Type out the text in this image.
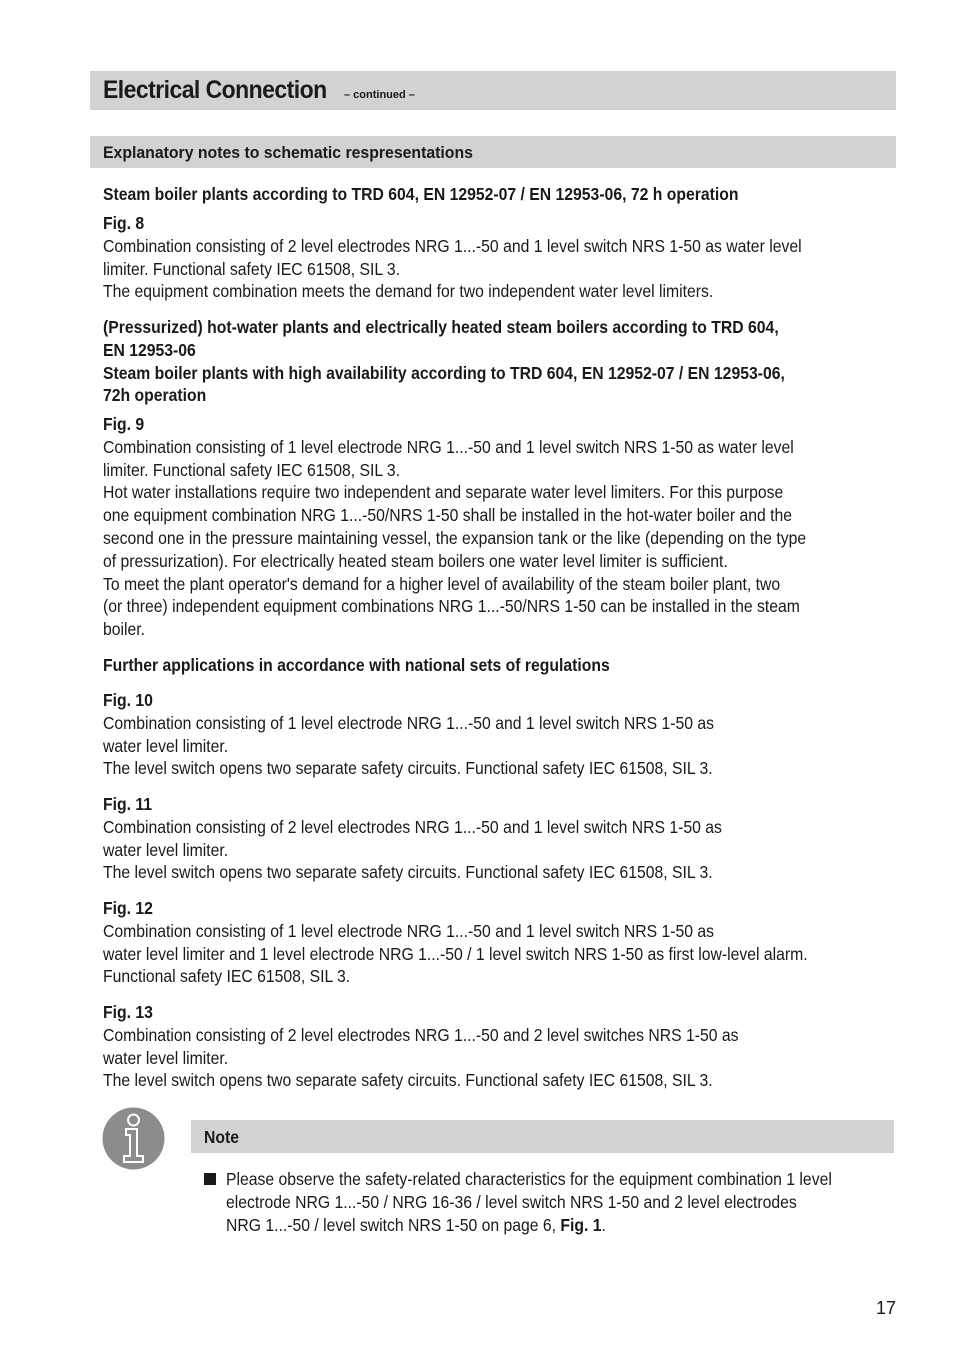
Electrical Connection – continued –
Explanatory notes to schematic respresentations

Steam boiler plants according to TRD 604, EN 12952-07 / EN 12953-06, 72 h operation

Fig. 8

Combination consisting of 2 level electrodes NRG 1...-50 and 1 level switch NRS 1-50 as water level

limiter. Functional safety IEC 61508, SIL 3.

The equipment combination meets the demand for two independent water level limiters.

(Pressurized) hot-water plants and electrically heated steam boilers according to TRD 604,

EN 12953-06

Steam boiler plants with high availability according to TRD 604, EN 12952-07 / EN 12953-06,

72h operation

Fig. 9

Combination consisting of 1 level electrode NRG 1...-50 and 1 level switch NRS 1-50 as water level

limiter. Functional safety IEC 61508, SIL 3.

Hot water installations require two independent and separate water level limiters. For this purpose

one equipment combination NRG 1...-50/NRS 1-50 shall be installed in the hot-water boiler and the

second one in the pressure maintaining vessel, the expansion tank or the like (depending on the type

of pressurization). For electrically heated steam boilers one water level limiter is sufficient.

To meet the plant operator's demand for a higher level of availability of the steam boiler plant, two

(or three) independent equipment combinations NRG 1...-50/NRS 1-50 can be installed in the steam

boiler.

Further applications in accordance with national sets of regulations

Fig. 10

Combination consisting of 1 level electrode NRG 1...-50 and 1 level switch NRS 1-50 as

water level limiter.

The level switch opens two separate safety circuits. Functional safety IEC 61508, SIL 3.

Fig. 11

Combination consisting of 2 level electrodes NRG 1...-50 and 1 level switch NRS 1-50 as

water level limiter.

The level switch opens two separate safety circuits. Functional safety IEC 61508, SIL 3.

Fig. 12

Combination consisting of 1 level electrode NRG 1...-50 and 1 level switch NRS 1-50 as

water level limiter and 1 level electrode NRG 1...-50 / 1 level switch NRS 1-50 as first low-level alarm.

Functional safety IEC 61508, SIL 3.

Fig. 13

Combination consisting of 2 level electrodes NRG 1...-50 and 2 level switches NRS 1-50 as

water level limiter.

The level switch opens two separate safety circuits. Functional safety IEC 61508, SIL 3.

Note

Please observe the safety-related characteristics for the equipment combination 1 level

electrode NRG 1...-50 / NRG 16-36 / level switch NRS 1-50 and 2 level electrodes

NRG 1...-50 / level switch NRS 1-50 on page 6, Fig. 1.

17
